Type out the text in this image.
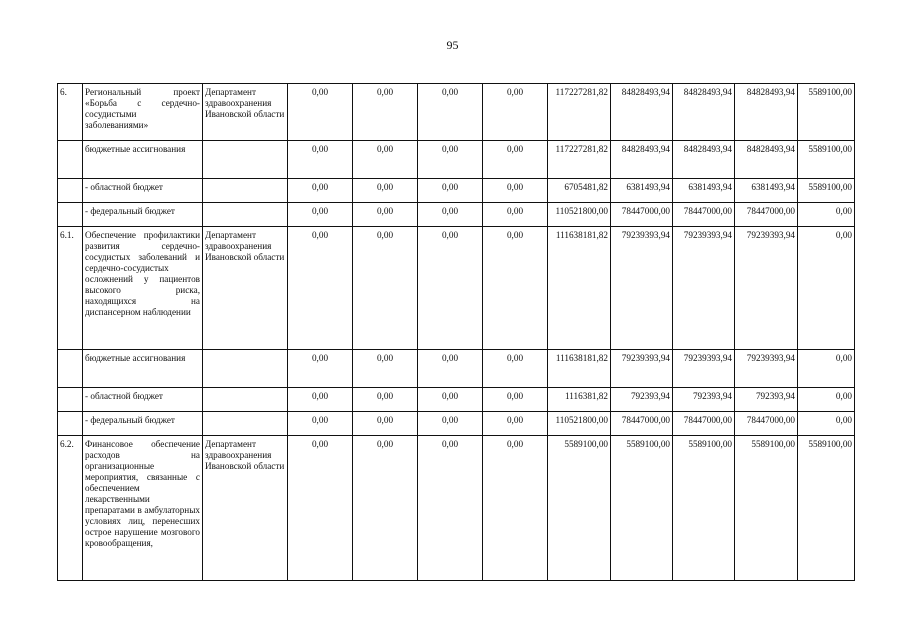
95
6.	Региональный проект «Борьба с сердечно-сосудистыми заболеваниями»	Департамент здравоохранения Ивановской области	0,00	0,00	0,00	0,00	117227281,82	84828493,94	84828493,94	84828493,94	5589100,00
	бюджетные ассигнования		0,00	0,00	0,00	0,00	117227281,82	84828493,94	84828493,94	84828493,94	5589100,00
	- областной бюджет		0,00	0,00	0,00	0,00	6705481,82	6381493,94	6381493,94	6381493,94	5589100,00
	- федеральный бюджет		0,00	0,00	0,00	0,00	110521800,00	78447000,00	78447000,00	78447000,00	0,00
6.1.	Обеспечение профилактики развития сердечно-сосудистых заболеваний и сердечно-сосудистых осложнений у пациентов высокого риска, находящихся на диспансерном наблюдении	Департамент здравоохранения Ивановской области	0,00	0,00	0,00	0,00	111638181,82	79239393,94	79239393,94	79239393,94	0,00
	бюджетные ассигнования		0,00	0,00	0,00	0,00	111638181,82	79239393,94	79239393,94	79239393,94	0,00
	- областной бюджет		0,00	0,00	0,00	0,00	1116381,82	792393,94	792393,94	792393,94	0,00
	- федеральный бюджет		0,00	0,00	0,00	0,00	110521800,00	78447000,00	78447000,00	78447000,00	0,00
6.2.	Финансовое обеспечение расходов на организационные мероприятия, связанные с обеспечением лекарственными препаратами в амбулаторных условиях лиц, перенесших острое нарушение мозгового кровообращения,	Департамент здравоохранения Ивановской области	0,00	0,00	0,00	0,00	5589100,00	5589100,00	5589100,00	5589100,00	5589100,00
